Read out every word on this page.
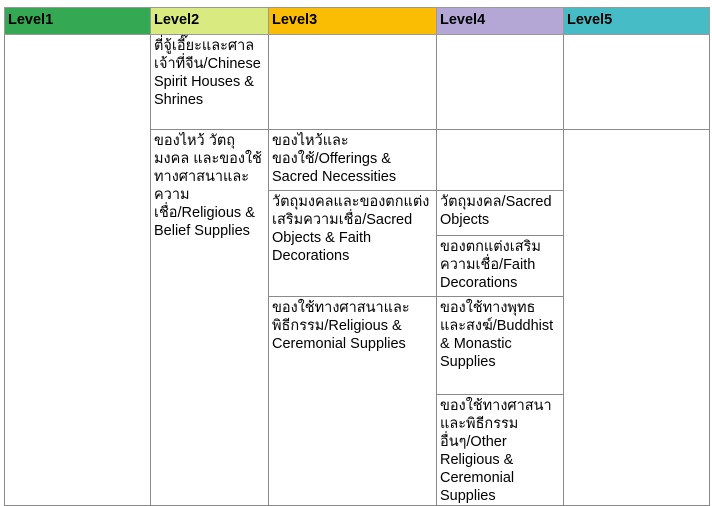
Level1	Level2	Level3	Level4	Level5
	ตี่จู้เอี๊ยะและศาลเจ้าที่จีน/Chinese Spirit Houses & Shrines			
	ของไหว้ วัตถุมงคล และของใช้ทางศาสนาและความเชื่อ/Religious & Belief Supplies	ของไหว้และของใช้/Offerings & Sacred Necessities		
		วัตถุมงคลและของตกแต่งเสริมความเชื่อ/Sacred Objects & Faith Decorations	วัตถุมงคล/Sacred Objects	
			ของตกแต่งเสริมความเชื่อ/Faith Decorations	
		ของใช้ทางศาสนาและพิธีกรรม/Religious & Ceremonial Supplies	ของใช้ทางพุทธและสงฆ์/Buddhist & Monastic Supplies	
			ของใช้ทางศาสนาและพิธีกรรมอื่นๆ/Other Religious & Ceremonial Supplies	
